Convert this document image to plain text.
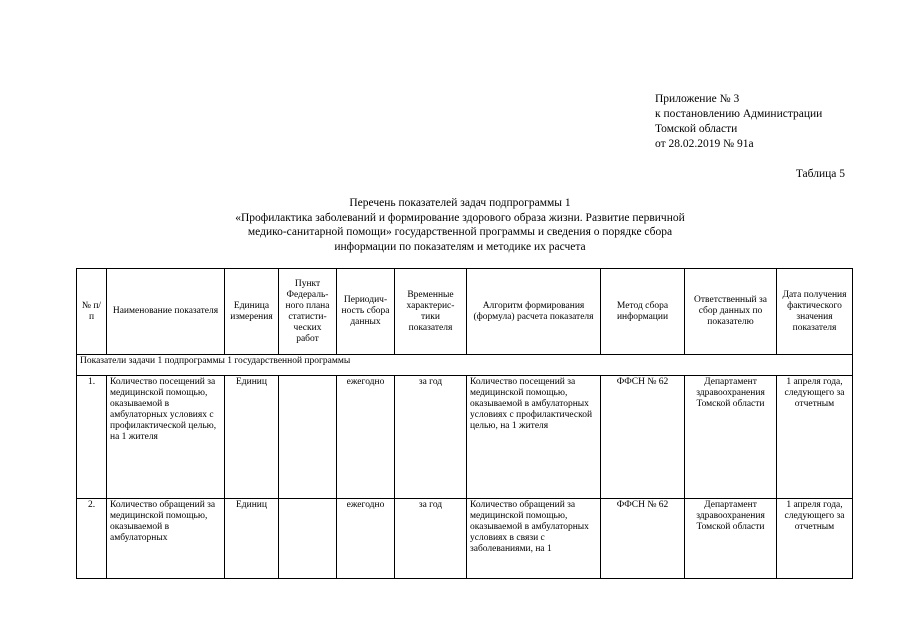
Приложение № 3
к постановлению Администрации
Томской области
от 28.02.2019 № 91а
Таблица 5
Перечень показателей задач подпрограммы 1
«Профилактика заболеваний и формирование здорового образа жизни. Развитие первичной
медико-санитарной помощи» государственной программы и сведения о порядке сбора
информации по показателям и методике их расчета
№ п/п	Наименование показателя	Единица измерения	Пункт Федераль-ного плана статисти-ческих работ	Периодич-ность сбора данных	Временные характерис-тики показателя	Алгоритм формирования (формула) расчета показателя	Метод сбора информации	Ответственный за сбор данных по показателю	Дата получения фактического значения показателя
Показатели задачи 1 подпрограммы 1 государственной программы									
1.	Количество посещений за медицинской помощью, оказываемой в амбулаторных условиях с профилактической целью, на 1 жителя	Единиц		ежегодно	за год	Количество посещений за медицинской помощью, оказываемой в амбулаторных условиях с профилактической целью, на 1 жителя	ФФСН № 62	Департамент здравоохранения Томской области	1 апреля года, следующего за отчетным
2.	Количество обращений за медицинской помощью, оказываемой в амбулаторных	Единиц		ежегодно	за год	Количество обращений за медицинской помощью, оказываемой в амбулаторных условиях в связи с заболеваниями, на 1	ФФСН № 62	Департамент здравоохранения Томской области	1 апреля года, следующего за отчетным
